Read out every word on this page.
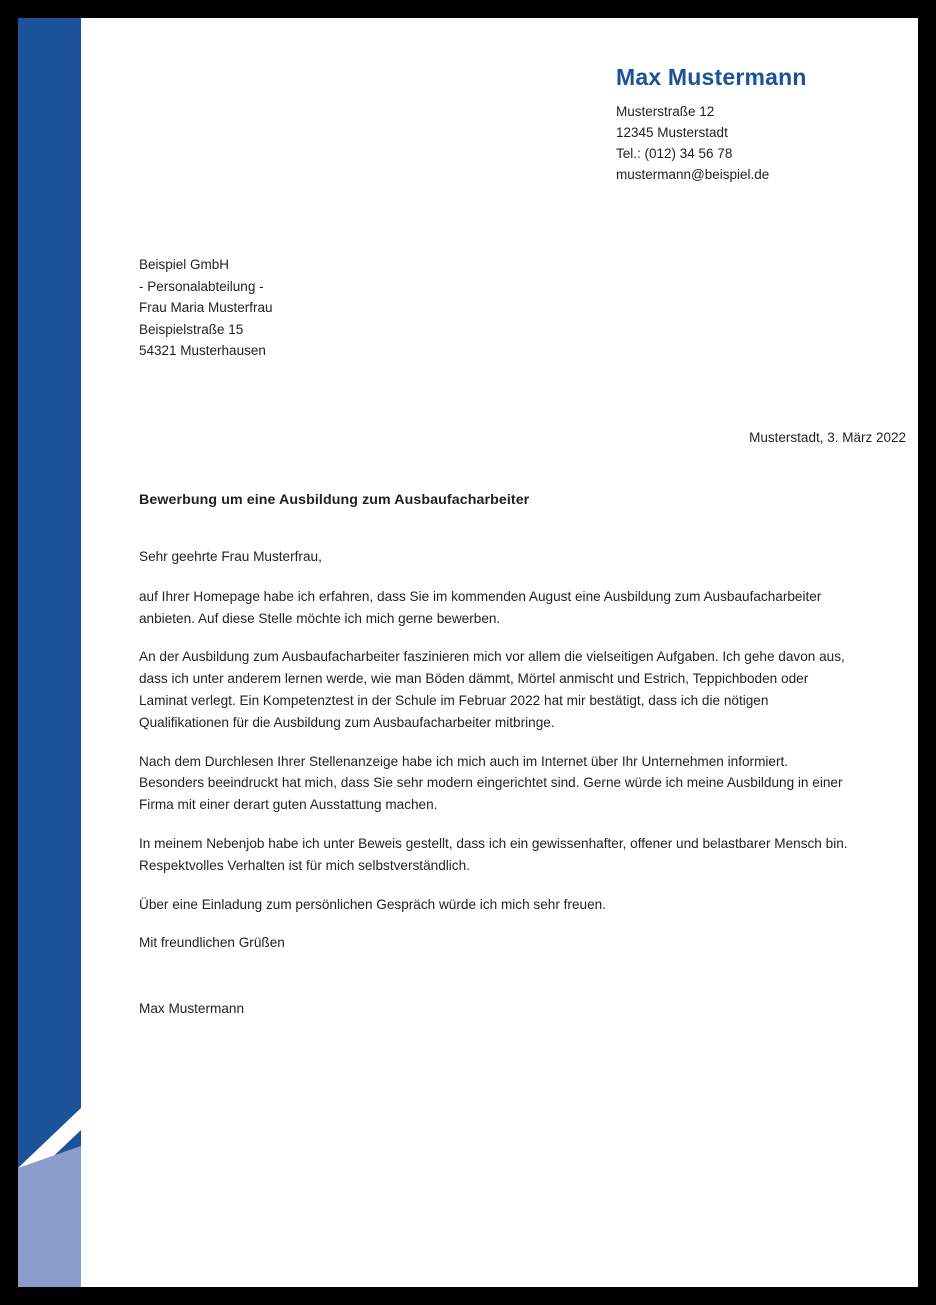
Max Mustermann
Musterstraße 12
12345 Musterstadt
Tel.: (012) 34 56 78
mustermann@beispiel.de
Beispiel GmbH
- Personalabteilung -
Frau Maria Musterfrau
Beispielstraße 15
54321 Musterhausen
Musterstadt, 3. März 2022
Bewerbung um eine Ausbildung zum Ausbaufacharbeiter

Sehr geehrte Frau Musterfrau,

auf Ihrer Homepage habe ich erfahren, dass Sie im kommenden August eine Ausbildung zum Ausbaufacharbeiter anbieten. Auf diese Stelle möchte ich mich gerne bewerben.

An der Ausbildung zum Ausbaufacharbeiter faszinieren mich vor allem die vielseitigen Aufgaben. Ich gehe davon aus, dass ich unter anderem lernen werde, wie man Böden dämmt, Mörtel anmischt und Estrich, Teppichboden oder Laminat verlegt. Ein Kompetenztest in der Schule im Februar 2022 hat mir bestätigt, dass ich die nötigen Qualifikationen für die Ausbildung zum Ausbaufacharbeiter mitbringe.

Nach dem Durchlesen Ihrer Stellenanzeige habe ich mich auch im Internet über Ihr Unternehmen informiert. Besonders beeindruckt hat mich, dass Sie sehr modern eingerichtet sind. Gerne würde ich meine Ausbildung in einer Firma mit einer derart guten Ausstattung machen.

In meinem Nebenjob habe ich unter Beweis gestellt, dass ich ein gewissenhafter, offener und belastbarer Mensch bin. Respektvolles Verhalten ist für mich selbstverständlich.

Über eine Einladung zum persönlichen Gespräch würde ich mich sehr freuen.

Mit freundlichen Grüßen

Max Mustermann
